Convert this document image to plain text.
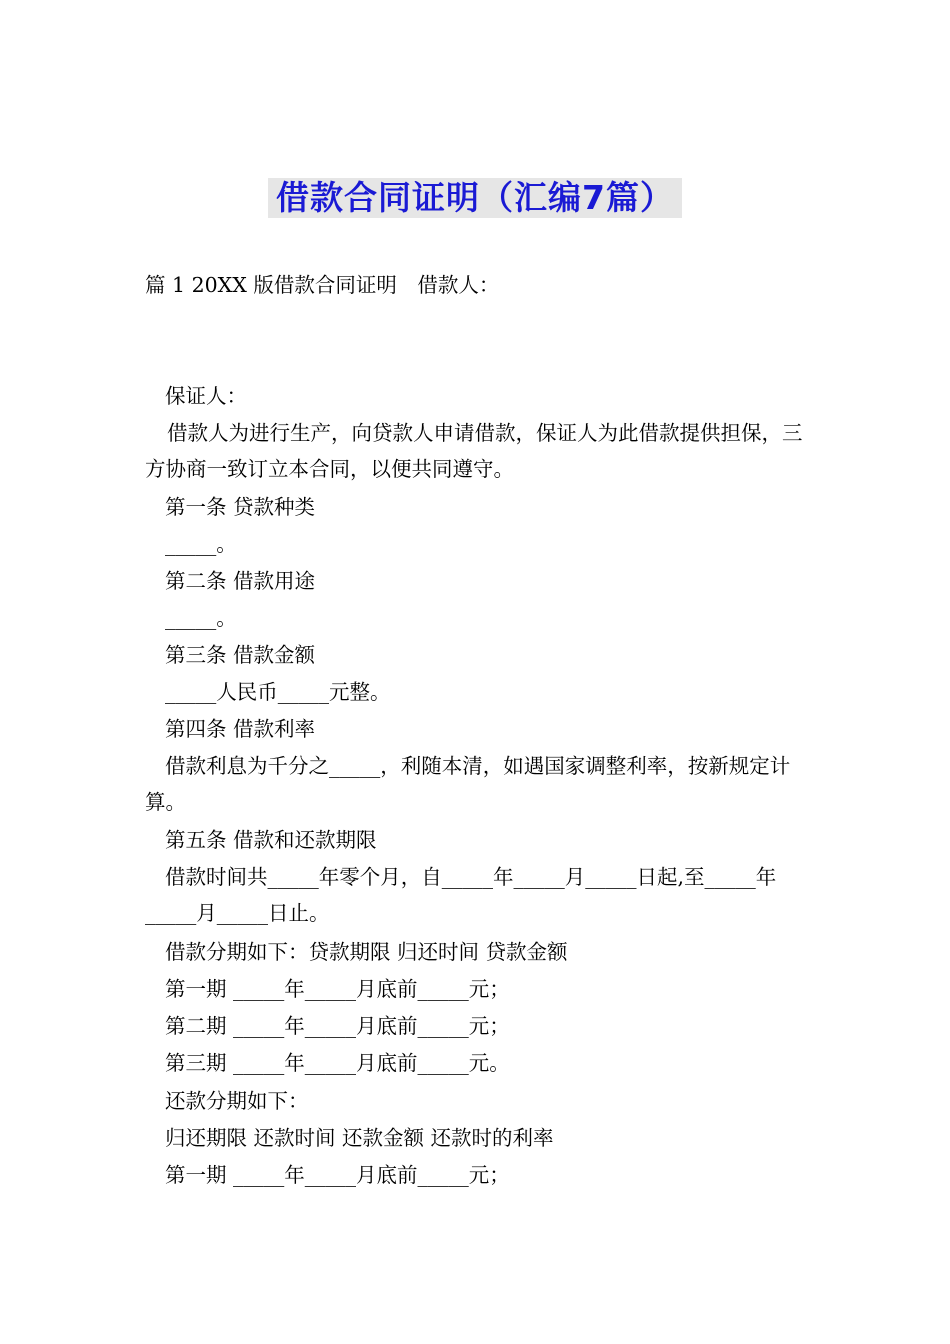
借款合同证明（汇编7篇）
篇 1 20XX 版借款合同证明　借款人：
保证人：
借款人为进行生产，向贷款人申请借款，保证人为此借款提供担保，三方协商一致订立本合同，以便共同遵守。
第一条 贷款种类
_____。
第二条 借款用途
_____。
第三条 借款金额
_____人民币_____元整。
第四条 借款利率
借款利息为千分之_____，利随本清，如遇国家调整利率，按新规定计算。
第五条 借款和还款期限
借款时间共_____年零个月，自_____年_____月_____日起,至_____年_____月_____日止。
借款分期如下：贷款期限 归还时间 贷款金额
第一期 _____年_____月底前_____元；
第二期 _____年_____月底前_____元；
第三期 _____年_____月底前_____元。
还款分期如下：
归还期限 还款时间 还款金额 还款时的利率
第一期 _____年_____月底前_____元；
